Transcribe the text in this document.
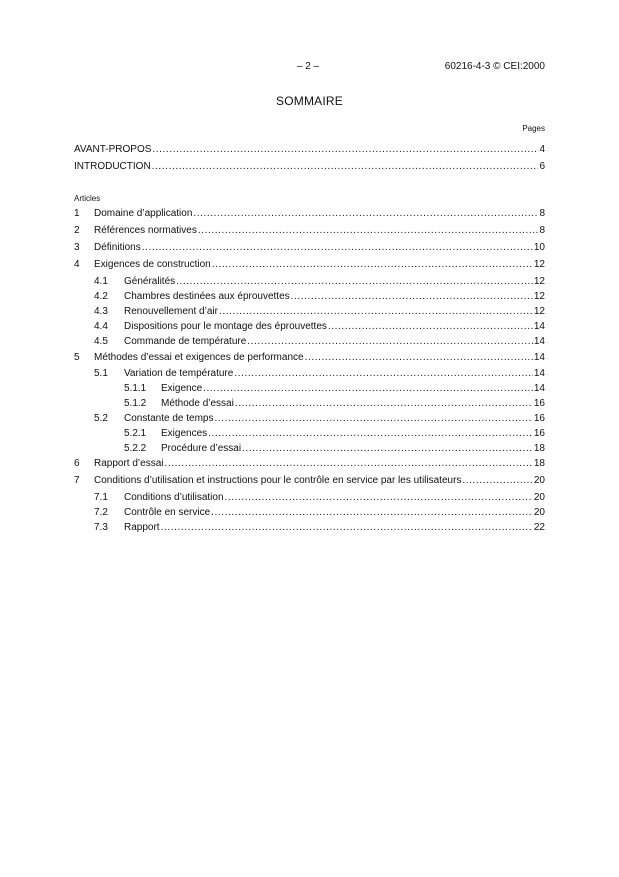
– 2 –	60216-4-3 © CEI:2000
SOMMAIRE
Pages
AVANT-PROPOS .....	4
INTRODUCTION .....	6
Articles
1	Domaine d’application .....	8
2	Références normatives .....	8
3	Définitions .....	10
4	Exigences de construction .....	12
4.1	Généralités .....	12
4.2	Chambres destinées aux éprouvettes .....	12
4.3	Renouvellement d’air .....	12
4.4	Dispositions pour le montage des éprouvettes .....	14
4.5	Commande de température .....	14
5	Méthodes d’essai et exigences de performance .....	14
5.1	Variation de température .....	14
5.1.1	Exigence .....	14
5.1.2	Méthode d’essai .....	16
5.2	Constante de temps .....	16
5.2.1	Exigences .....	16
5.2.2	Procédure d’essai .....	18
6	Rapport d’essai .....	18
7	Conditions d’utilisation et instructions pour le contrôle en service par les utilisateurs .....	20
7.1	Conditions d’utilisation .....	20
7.2	Contrôle en service .....	20
7.3	Rapport .....	22
